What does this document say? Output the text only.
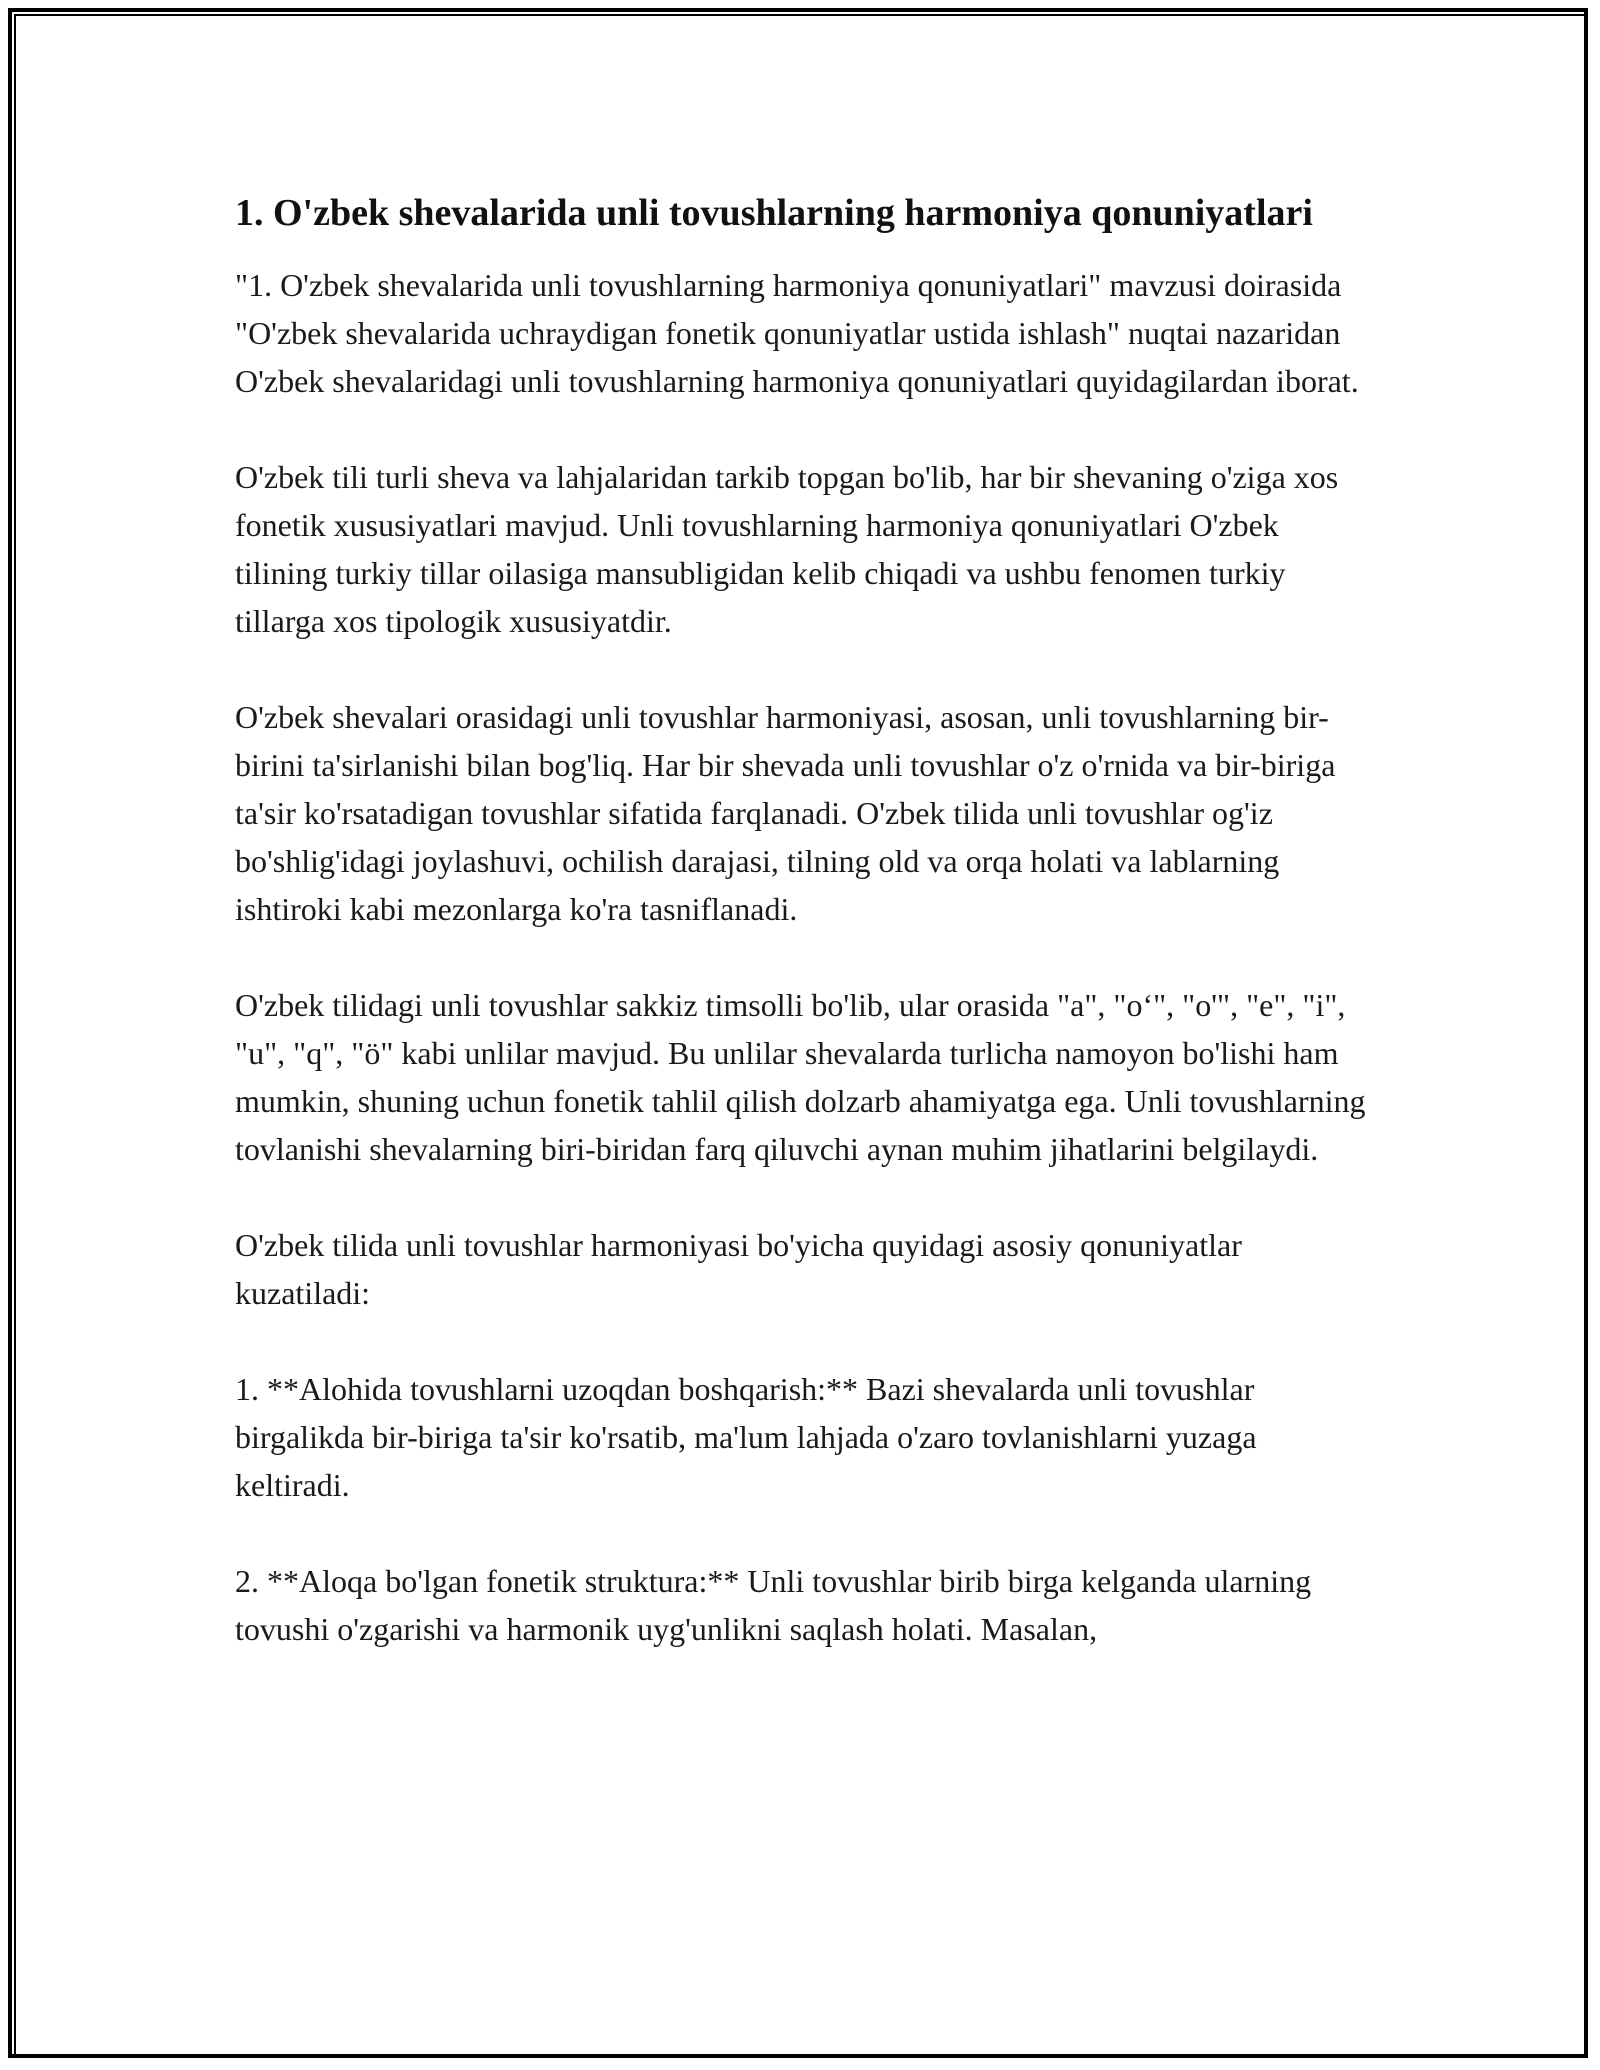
1. O'zbek shevalarida unli tovushlarning harmoniya qonuniyatlari

"1. O'zbek shevalarida unli tovushlarning harmoniya qonuniyatlari" mavzusi doirasida "O'zbek shevalarida uchraydigan fonetik qonuniyatlar ustida ishlash" nuqtai nazaridan O'zbek shevalaridagi unli tovushlarning harmoniya qonuniyatlari quyidagilardan iborat.

O'zbek tili turli sheva va lahjalaridan tarkib topgan bo'lib, har bir shevaning o'ziga xos fonetik xususiyatlari mavjud. Unli tovushlarning harmoniya qonuniyatlari O'zbek tilining turkiy tillar oilasiga mansubligidan kelib chiqadi va ushbu fenomen turkiy tillarga xos tipologik xususiyatdir.

O'zbek shevalari orasidagi unli tovushlar harmoniyasi, asosan, unli tovushlarning bir-birini ta'sirlanishi bilan bog'liq. Har bir shevada unli tovushlar o'z o'rnida va bir-biriga ta'sir ko'rsatadigan tovushlar sifatida farqlanadi. O'zbek tilida unli tovushlar og'iz bo'shlig'idagi joylashuvi, ochilish darajasi, tilning old va orqa holati va lablarning ishtiroki kabi mezonlarga ko'ra tasniflanadi.

O'zbek tilidagi unli tovushlar sakkiz timsolli bo'lib, ular orasida "a", "o‘", "o'", "e", "i", "u", "q", "ö" kabi unlilar mavjud. Bu unlilar shevalarda turlicha namoyon bo'lishi ham mumkin, shuning uchun fonetik tahlil qilish dolzarb ahamiyatga ega. Unli tovushlarning tovlanishi shevalarning biri-biridan farq qiluvchi aynan muhim jihatlarini belgilaydi.

O'zbek tilida unli tovushlar harmoniyasi bo'yicha quyidagi asosiy qonuniyatlar kuzatiladi:

1. **Alohida tovushlarni uzoqdan boshqarish:** Bazi shevalarda unli tovushlar birgalikda bir-biriga ta'sir ko'rsatib, ma'lum lahjada o'zaro tovlanishlarni yuzaga keltiradi.

2. **Aloqa bo'lgan fonetik struktura:** Unli tovushlar birib birga kelganda ularning tovushi o'zgarishi va harmonik uyg'unlikni saqlash holati. Masalan,
